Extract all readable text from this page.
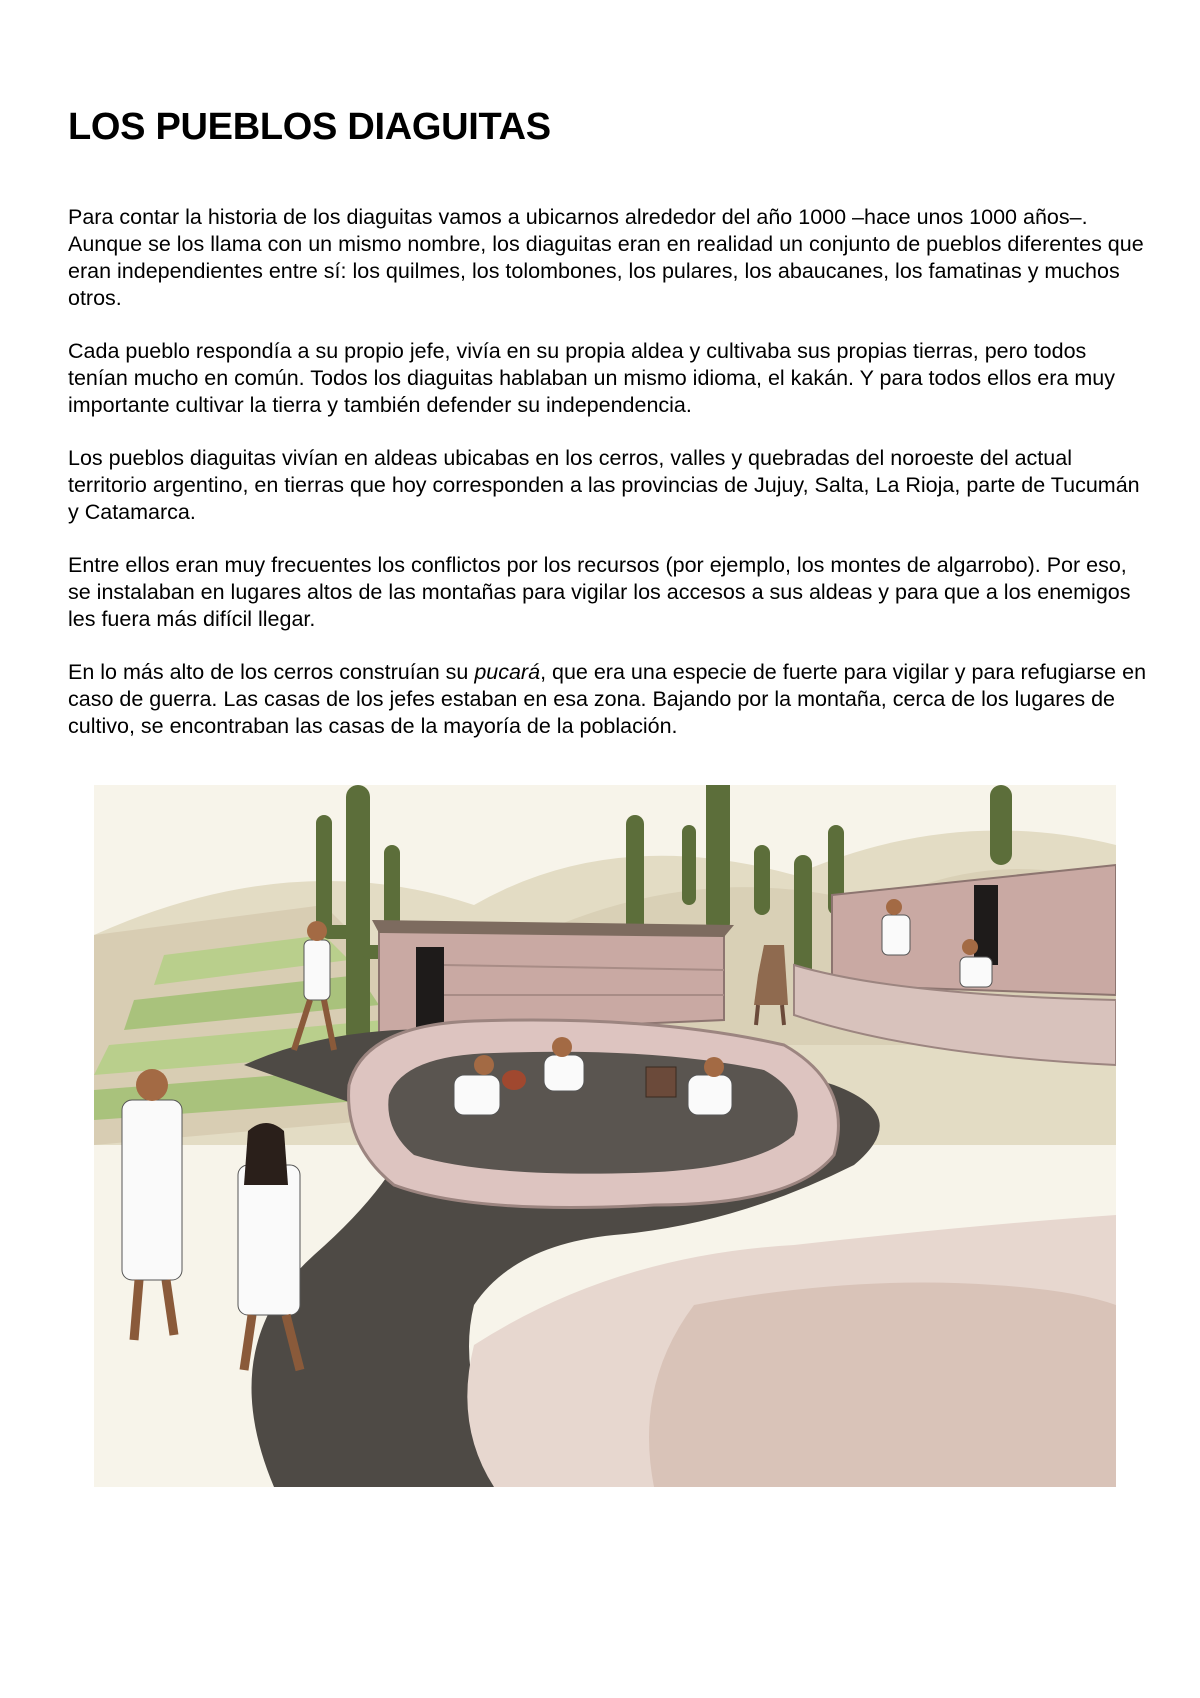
LOS PUEBLOS DIAGUITAS

Para contar la historia de los diaguitas vamos a ubicarnos alrededor del año 1000 –hace unos 1000 años–. Aunque se los llama con un mismo nombre, los diaguitas eran en realidad un conjunto de pueblos diferentes que eran independientes entre sí: los quilmes, los tolombones, los pulares, los abaucanes, los famatinas y muchos otros.

Cada pueblo respondía a su propio jefe, vivía en su propia aldea y cultivaba sus propias tierras, pero todos tenían mucho en común. Todos los diaguitas hablaban un mismo idioma, el kakán. Y para todos ellos era muy importante cultivar la tierra y también defender su independencia.

Los pueblos diaguitas vivían en aldeas ubicabas en los cerros, valles y quebradas del noroeste del actual territorio argentino, en tierras que hoy corresponden a las provincias de Jujuy, Salta, La Rioja, parte de Tucumán y Catamarca.

Entre ellos eran muy frecuentes los conflictos por los recursos (por ejemplo, los montes de algarrobo). Por eso, se instalaban en lugares altos de las montañas para vigilar los accesos a sus aldeas y para que a los enemigos les fuera más difícil llegar.

En lo más alto de los cerros construían su pucará, que era una especie de fuerte para vigilar y para refugiarse en caso de guerra. Las casas de los jefes estaban en esa zona. Bajando por la montaña, cerca de los lugares de cultivo, se encontraban las casas de la mayoría de la población.
